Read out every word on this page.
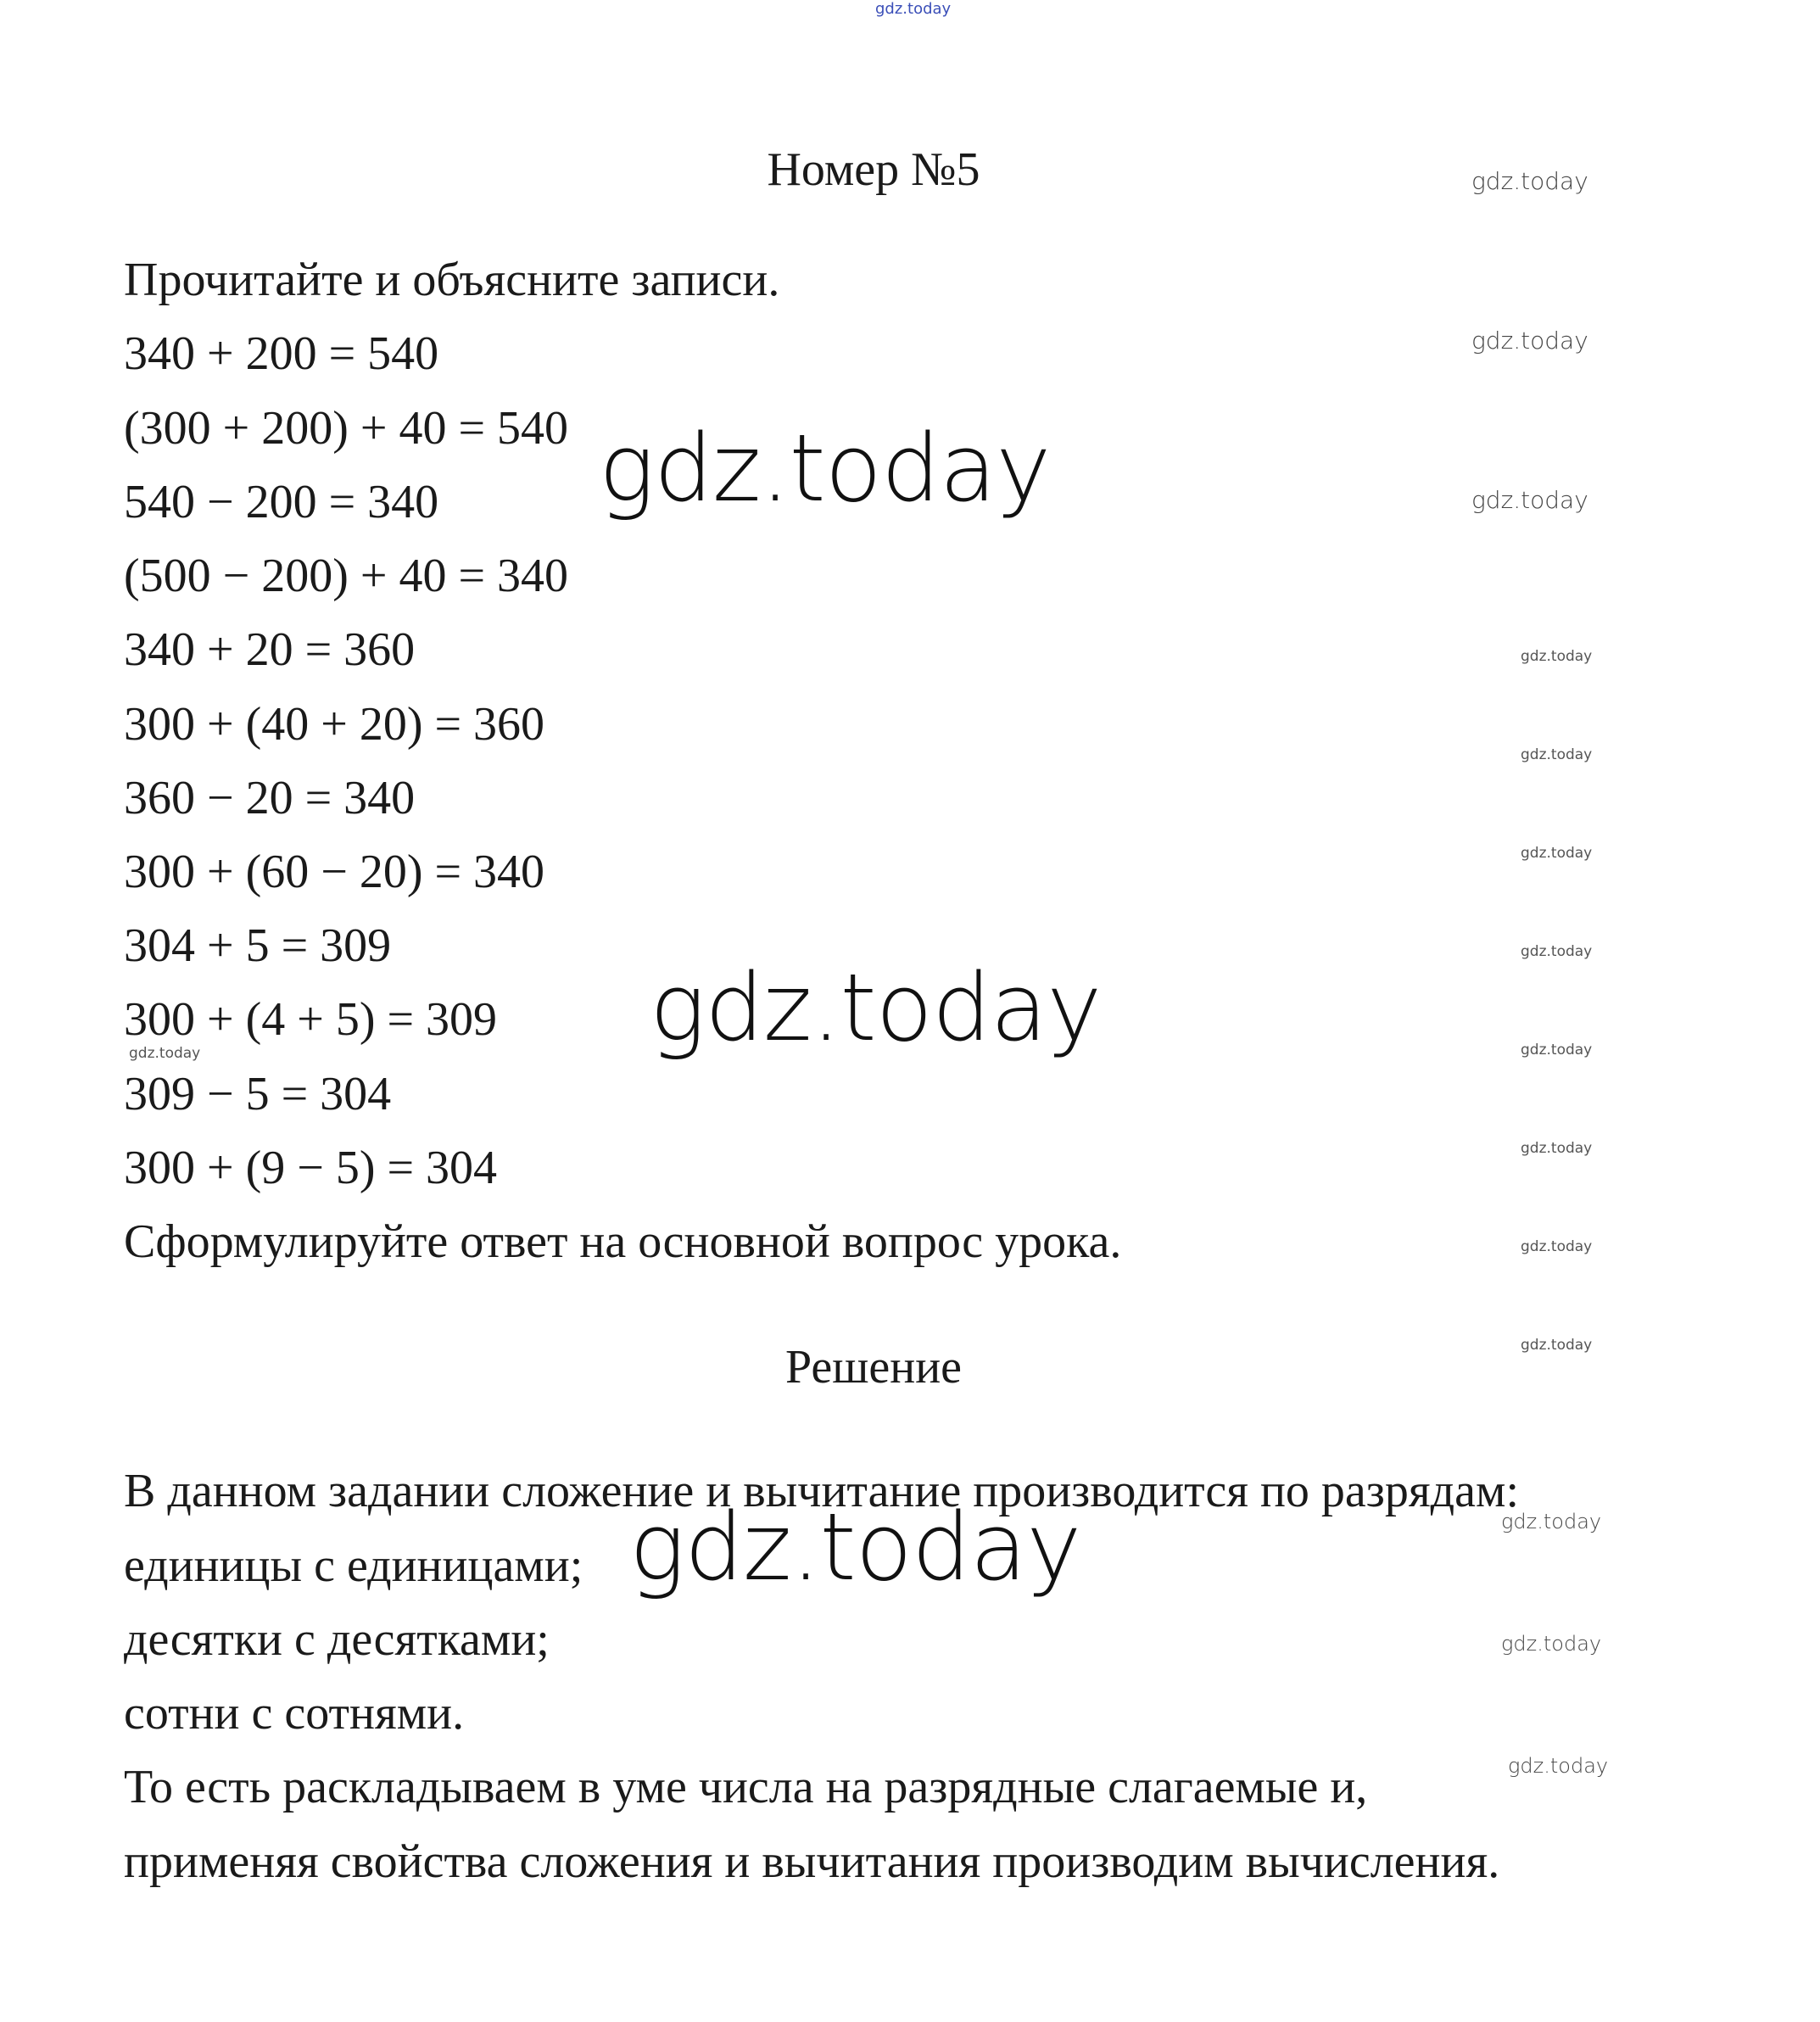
gdz.today
Номер №5
Прочитайте и объясните записи.
340 + 200 = 540
(300 + 200) + 40 = 540
540 − 200 = 340
(500 − 200) + 40 = 340
340 + 20 = 360
300 + (40 + 20) = 360
360 − 20 = 340
300 + (60 − 20) = 340
304 + 5 = 309
300 + (4 + 5) = 309
309 − 5 = 304
300 + (9 − 5) = 304
Сформулируйте ответ на основной вопрос урока.
Решение
В данном задании сложение и вычитание производится по разрядам:
единицы с единицами;
десятки с десятками;
сотни с сотнями.
То есть раскладываем в уме числа на разрядные слагаемые и,
применяя свойства сложения и вычитания производим вычисления.
gdz.today
gdz.today
gdz.today
gdz.today
gdz.today
gdz.today
gdz.today
gdz.today
gdz.today
gdz.today
gdz.today
gdz.today
gdz.today
gdz.today
gdz.today
gdz.today
gdz.today
gdz.today
